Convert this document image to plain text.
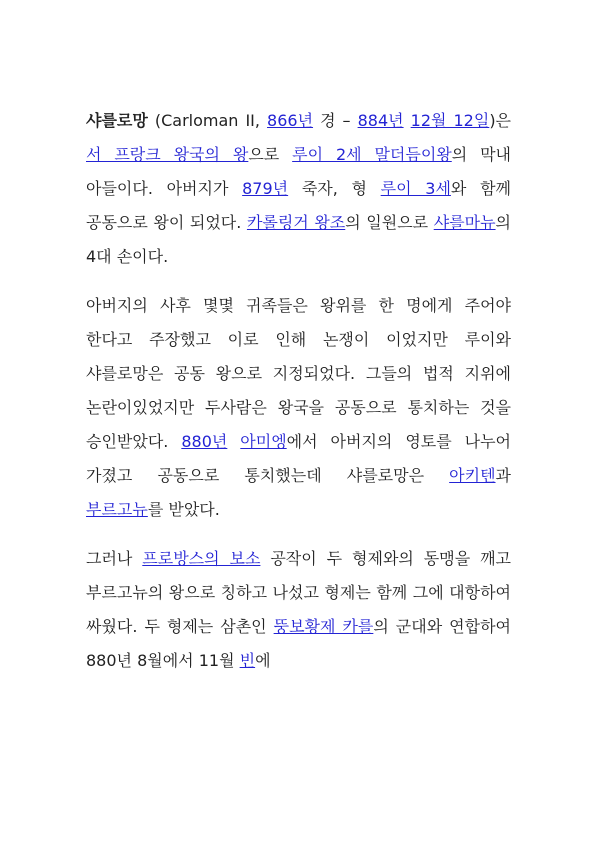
샤를로망 (Carloman II, 866년 경 – 884년 12월 12일)은 서 프랑크 왕국의 왕으로 루이 2세 말더듬이왕의 막내 아들이다. 아버지가 879년 죽자, 형 루이 3세와 함께 공동으로 왕이 되었다. 카롤링거 왕조의 일원으로 샤를마뉴의 4대 손이다.

아버지의 사후 몇몇 귀족들은 왕위를 한 명에게 주어야 한다고 주장했고 이로 인해 논쟁이 이었지만 루이와 샤를로망은 공동 왕으로 지정되었다. 그들의 법적 지위에 논란이있었지만 두사람은 왕국을 공동으로 통치하는 것을 승인받았다. 880년 아미엥에서 아버지의 영토를 나누어 가졌고 공동으로 통치했는데 샤를로망은 아키텐과 부르고뉴를 받았다.

그러나 프로방스의 보소 공작이 두 형제와의 동맹을 깨고 부르고뉴의 왕으로 칭하고 나섰고 형제는 함께 그에 대항하여 싸웠다. 두 형제는 삼촌인 뚱보황제 카를의 군대와 연합하여 880년 8월에서 11월 빈에
